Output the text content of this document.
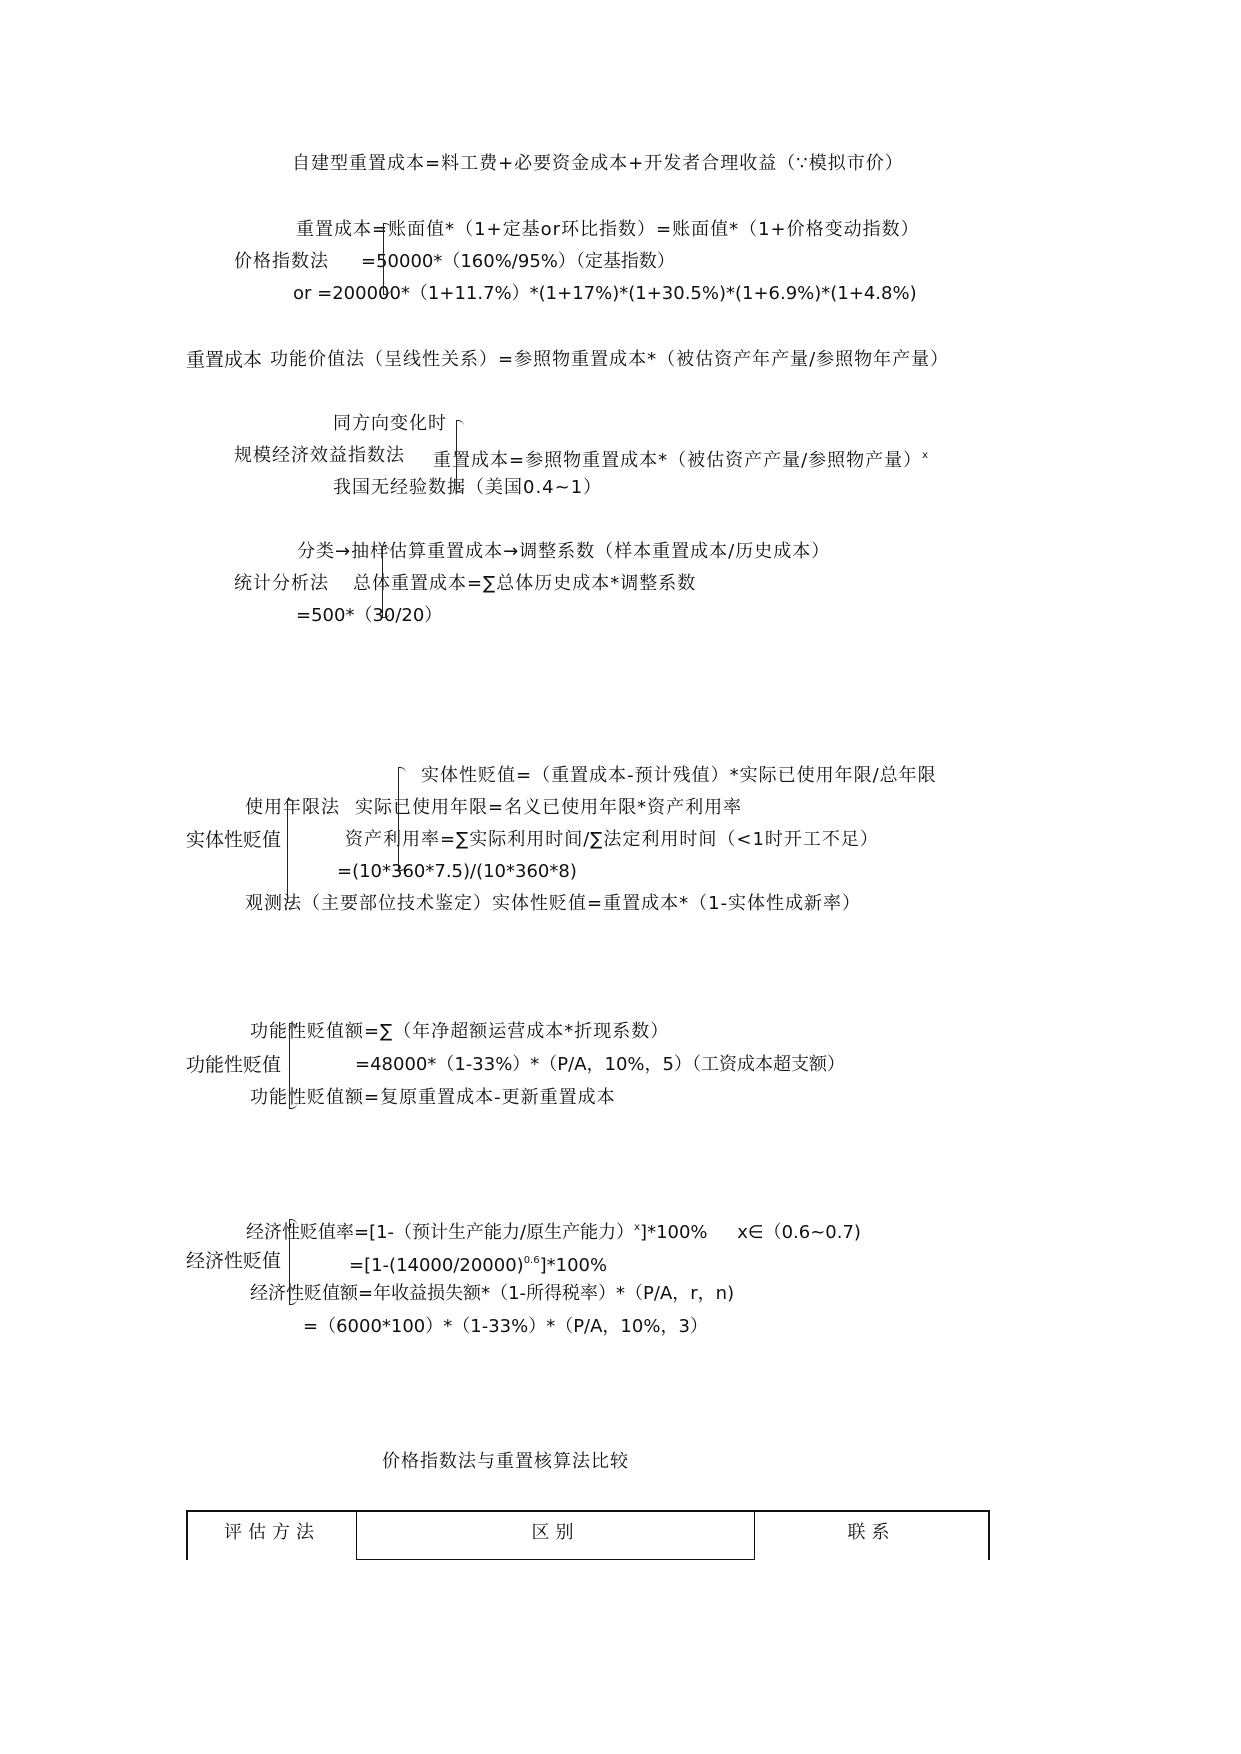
自建型重置成本=料工费+必要资金成本+开发者合理收益（∵模拟市价）
重置成本=账面值*（1+定基or环比指数）=账面值*（1+价格变动指数）
价格指数法 =50000*（160%/95%）（定基指数）
or =200000*（1+11.7%）*(1+17%)*(1+30.5%)*(1+6.9%)*(1+4.8%)
重置成本 功能价值法（呈线性关系）=参照物重置成本*（被估资产年产量/参照物年产量）
同方向变化时
规模经济效益指数法 重置成本=参照物重置成本*（被估资产产量/参照物产量）$^x$
我国无经验数据（美国0.4~1）
分类→抽样估算重置成本→调整系数（样本重置成本/历史成本）
统计分析法 总体重置成本=∑总体历史成本*调整系数
=500*（30/20）
实体性贬值=（重置成本-预计残值）*实际已使用年限/总年限
使用年限法 实际已使用年限=名义已使用年限*资产利用率
实体性贬值	资产利用率=∑实际利用时间/∑法定利用时间（<1时开工不足）
=(10*360*7.5)/(10*360*8)
观测法（主要部位技术鉴定）实体性贬值=重置成本*（1-实体性成新率）
功能性贬值额=∑（年净超额运营成本*折现系数）
功能性贬值	=48000*（1-33%）*（P/A，10%，5）（工资成本超支额）
功能性贬值额=复原重置成本-更新重置成本
经济性贬值率=[1-（预计生产能力/原生产能力）$^x$]*100% x∈（0.6~0.7)
经济性贬值	$=[1-(14000/20000)^{0.6}]*100\%$
经济性贬值额=年收益损失额*（1-所得税率）*（P/A，r，n)
=（6000*100）*（1-33%）*（P/A，10%，3）
价格指数法与重置核算法比较
评估方法	区别	联系
